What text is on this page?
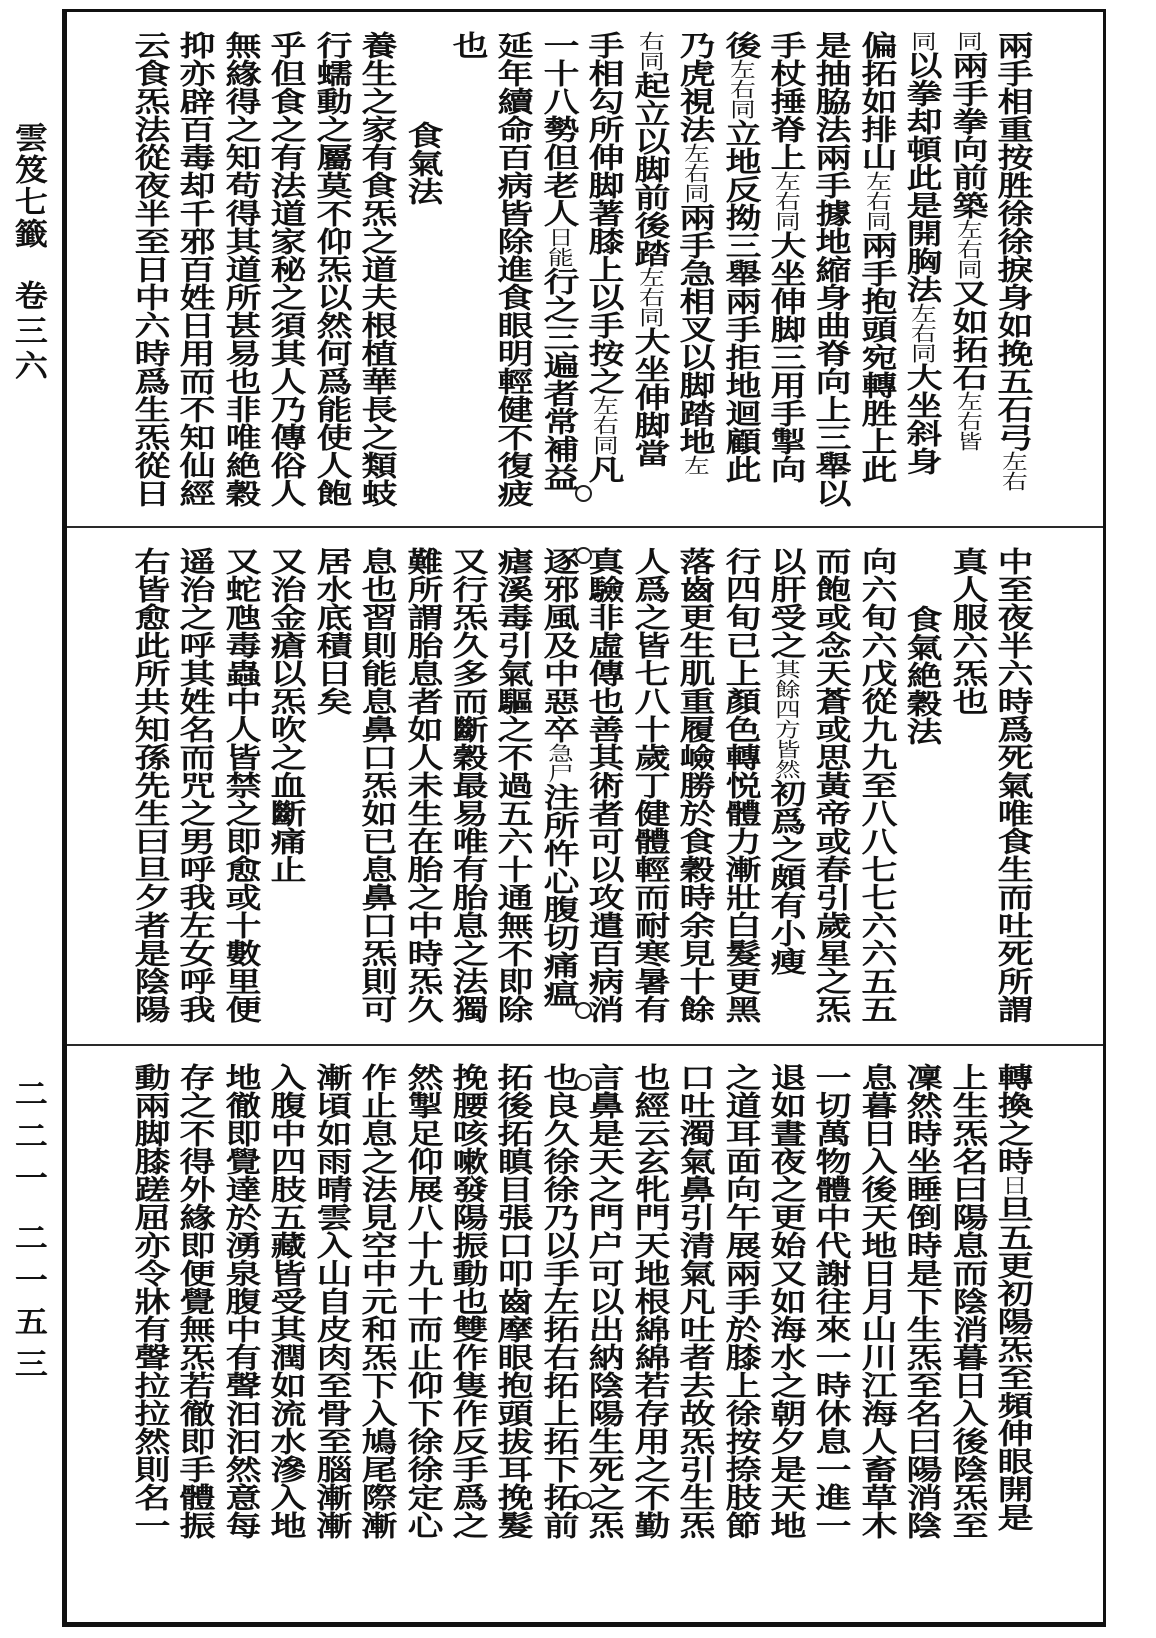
雲笈七籤
卷三六
二二一
二一五三
兩手相重按胜徐徐捩身如挽五石弓左右
同兩手拳向前築左右同又如拓石左右皆
同以拳却頓此是開胸法左右同大坐斜身
偏拓如排山左右同兩手抱頭宛轉胜上此
是抽脇法兩手據地縮身曲脊向上三舉以
手杖捶脊上左右同大坐伸脚三用手掣向
後左右同立地反拗三舉兩手拒地迴顧此
乃虎視法左右同兩手急相叉以脚踏地左
右同起立以脚前後踏左右同大坐伸脚當
手相勾所伸脚著膝上以手按之左右同凡
一十八勢但老人日能行之三遍者常補益
延年續命百病皆除進食眼明輕健不復疲
也
食氣法
養生之家有食炁之道夫根植華長之類蚑
行蠕動之屬莫不仰炁以然何爲能使人飽
乎但食之有法道家秘之須其人乃傳俗人
無緣得之知苟得其道所甚易也非唯絶穀
抑亦辟百毒却千邪百姓日用而不知仙經
云食炁法從夜半至日中六時爲生炁從日
中至夜半六時爲死氣唯食生而吐死所謂
真人服六炁也
食氣絶穀法
向六旬六戊從九九至八八七七六六五五
而飽或念天蒼或思黃帝或春引歲星之炁
以肝受之其餘四方皆然初爲之頗有小瘦
行四旬已上顏色轉悦體力漸壯白髮更黑
落齒更生肌重履嶮勝於食穀時余見十餘
人爲之皆七八十歲丁健體輕而耐寒暑有
真驗非虛傳也善其術者可以攻遣百病消
逐邪風及中惡卒急尸注所忤心腹切痛瘟
瘧溪毒引氣驅之不過五六十通無不即除
又行炁久多而斷穀最易唯有胎息之法獨
難所謂胎息者如人未生在胎之中時炁久
息也習則能息鼻口炁如已息鼻口炁則可
居水底積日矣
又治金瘡以炁吹之血斷痛止
又蛇虺毒蟲中人皆禁之即愈或十數里便
遥治之呼其姓名而咒之男呼我左女呼我
右皆愈此所共知孫先生曰旦夕者是陰陽
轉換之時日旦五更初陽炁至頻伸眼開是
上生炁名曰陽息而陰消暮日入後陰炁至
凜然時坐睡倒時是下生炁至名曰陽消陰
息暮日入後天地日月山川江海人畜草木
一切萬物體中代謝往來一時休息一進一
退如晝夜之更始又如海水之朝夕是天地
之道耳面向午展兩手於膝上徐按捺肢節
口吐濁氣鼻引清氣凡吐者去故炁引生炁
也經云玄牝門天地根綿綿若存用之不勤
言鼻是天之門户可以出納陰陽生死之炁
也良久徐徐乃以手左拓右拓上拓下拓前
拓後拓瞋目張口叩齒摩眼抱頭拔耳挽髮
挽腰咳嗽發陽振動也雙作隻作反手爲之
然掣足仰展八十九十而止仰下徐徐定心
作止息之法見空中元和炁下入鳩尾際漸
漸頃如雨晴雲入山自皮肉至骨至腦漸漸
入腹中四肢五藏皆受其潤如流水滲入地
地徹即覺達於湧泉腹中有聲汩汩然意每
存之不得外緣即便覺無炁若徹即手體振
動兩脚膝蹉屈亦令牀有聲拉拉然則名一
